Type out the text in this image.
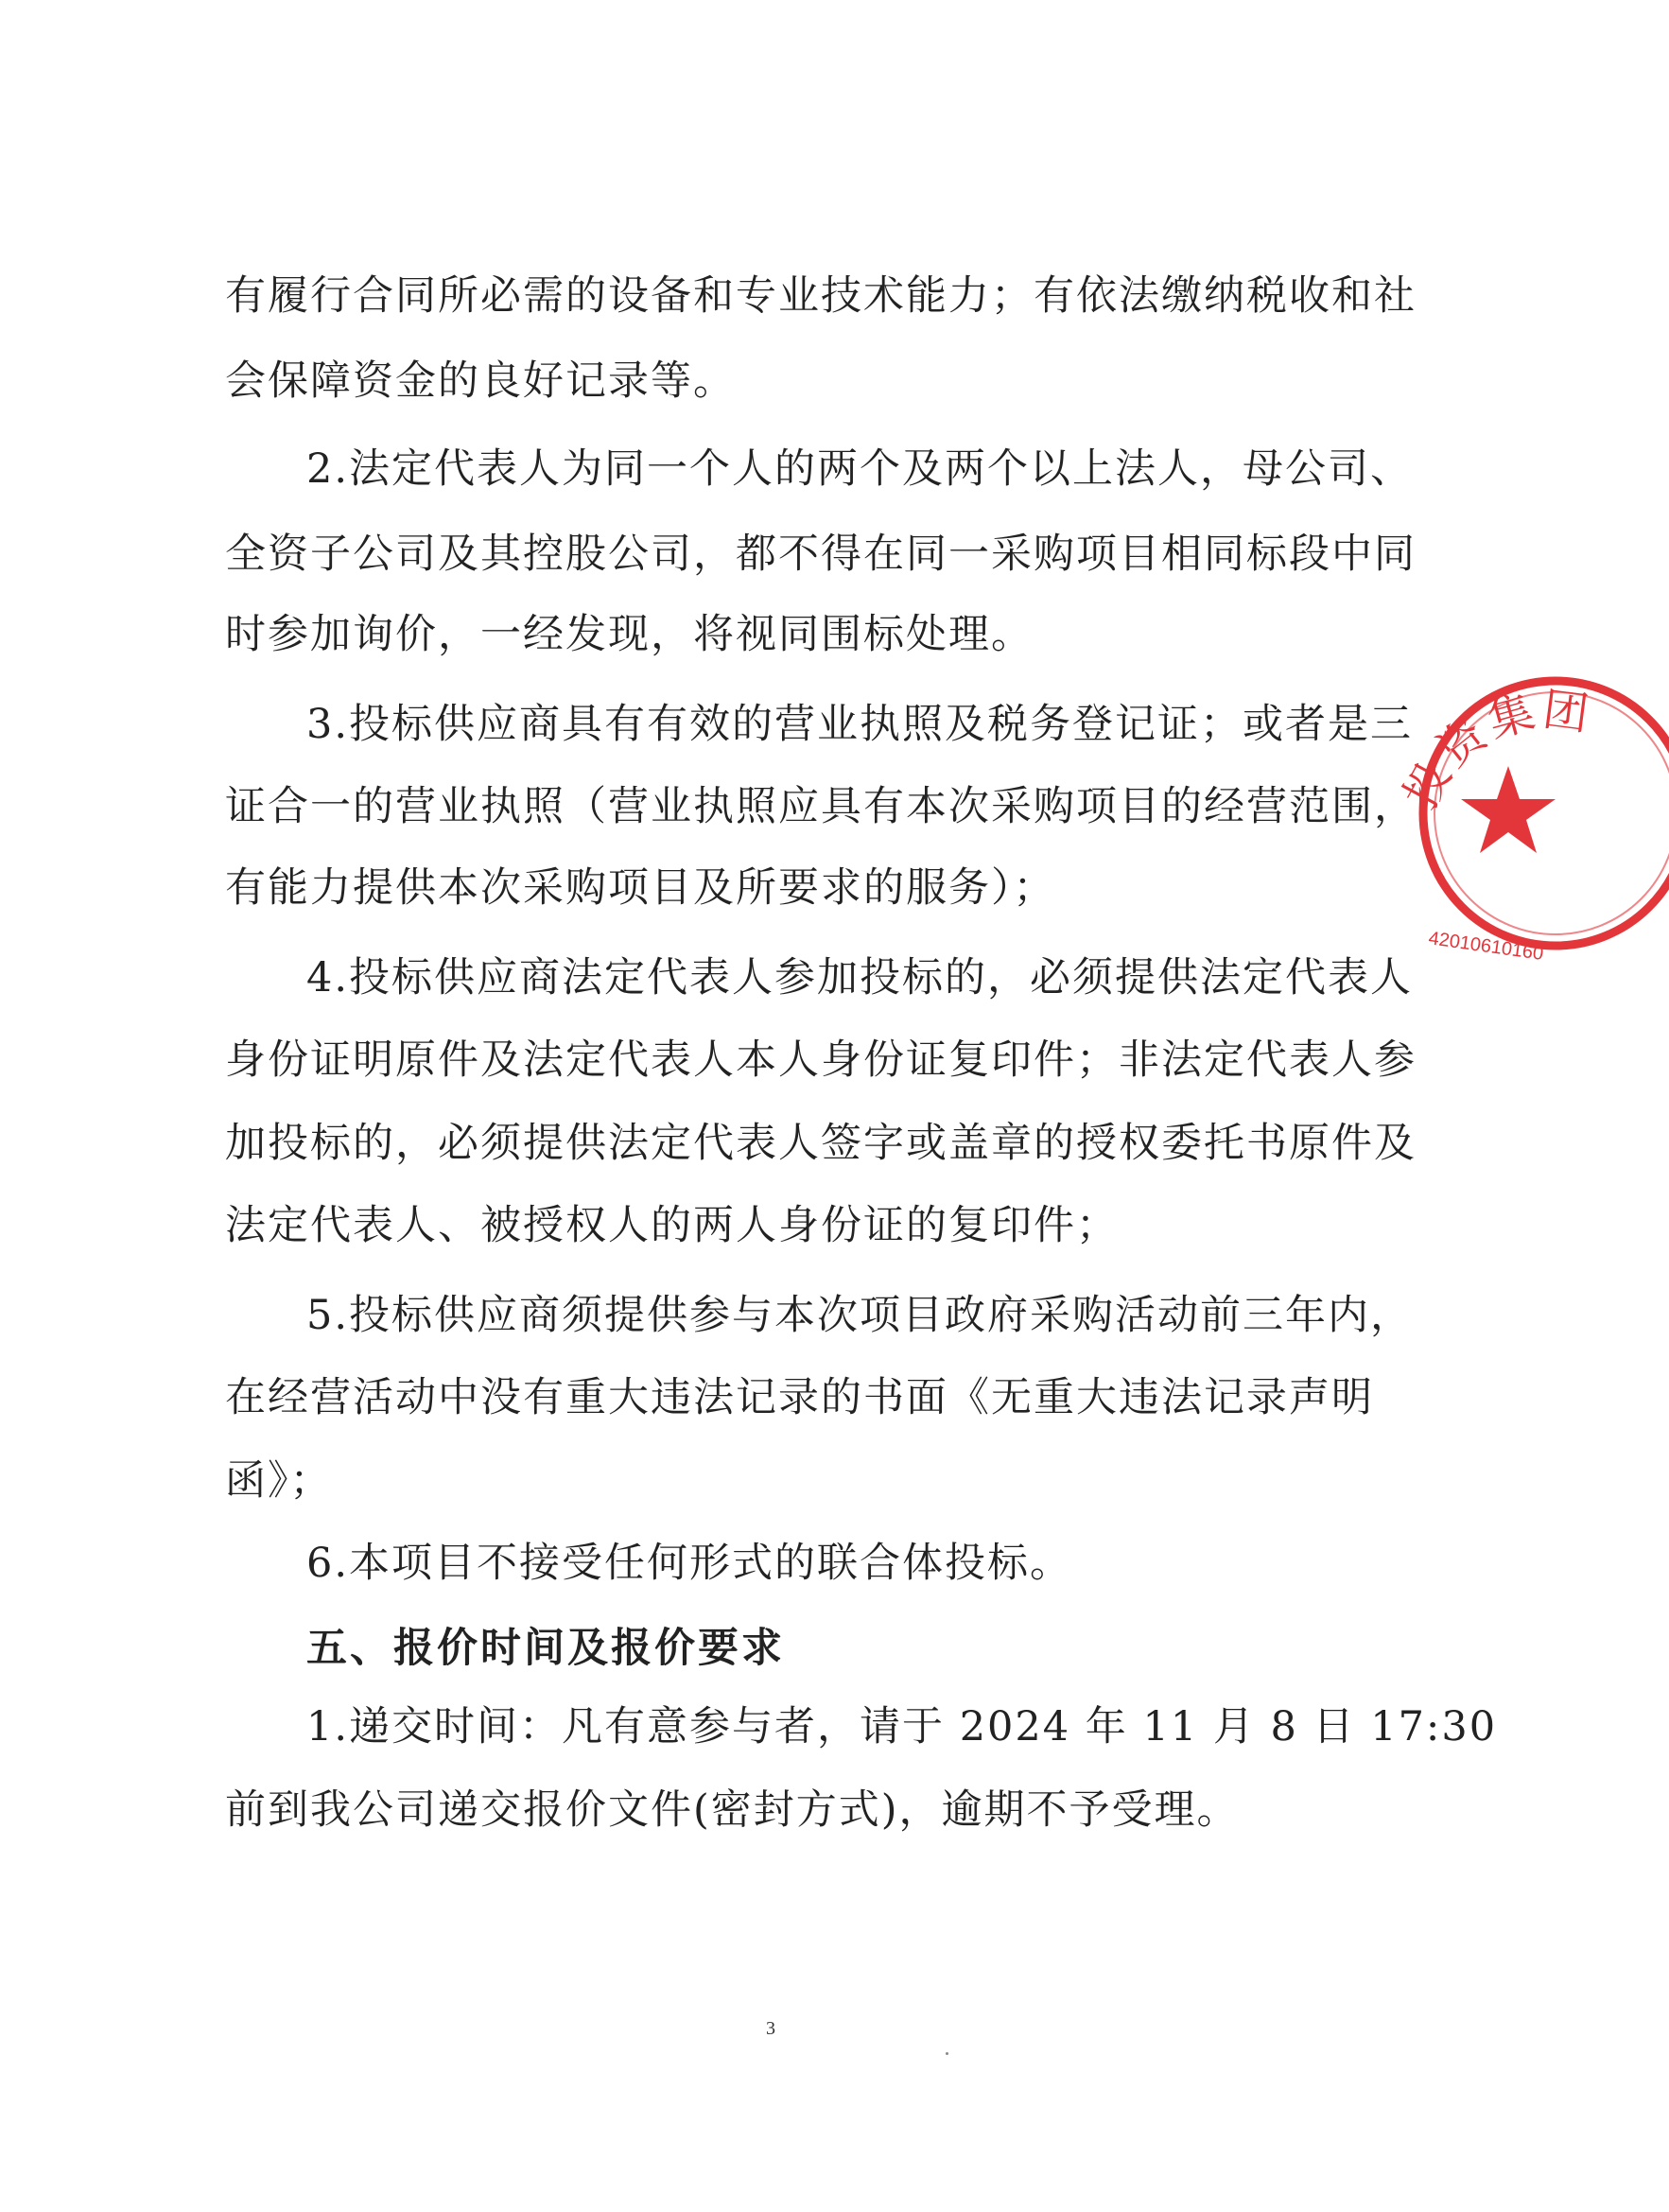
有履行合同所必需的设备和专业技术能力；有依法缴纳税收和社
会保障资金的良好记录等。
2.法定代表人为同一个人的两个及两个以上法人，母公司、
全资子公司及其控股公司，都不得在同一采购项目相同标段中同
时参加询价，一经发现，将视同围标处理。
3.投标供应商具有有效的营业执照及税务登记证；或者是三
证合一的营业执照（营业执照应具有本次采购项目的经营范围，
有能力提供本次采购项目及所要求的服务）；
4.投标供应商法定代表人参加投标的，必须提供法定代表人
身份证明原件及法定代表人本人身份证复印件；非法定代表人参
加投标的，必须提供法定代表人签字或盖章的授权委托书原件及
法定代表人、被授权人的两人身份证的复印件；
5.投标供应商须提供参与本次项目政府采购活动前三年内，
在经营活动中没有重大违法记录的书面《无重大违法记录声明
函》；
6.本项目不接受任何形式的联合体投标。
五、报价时间及报价要求
1.递交时间：凡有意参与者，请于 2024 年 11 月 8 日 17:30
前到我公司递交报价文件(密封方式)，逾期不予受理。
3
投资集团
42010610160
